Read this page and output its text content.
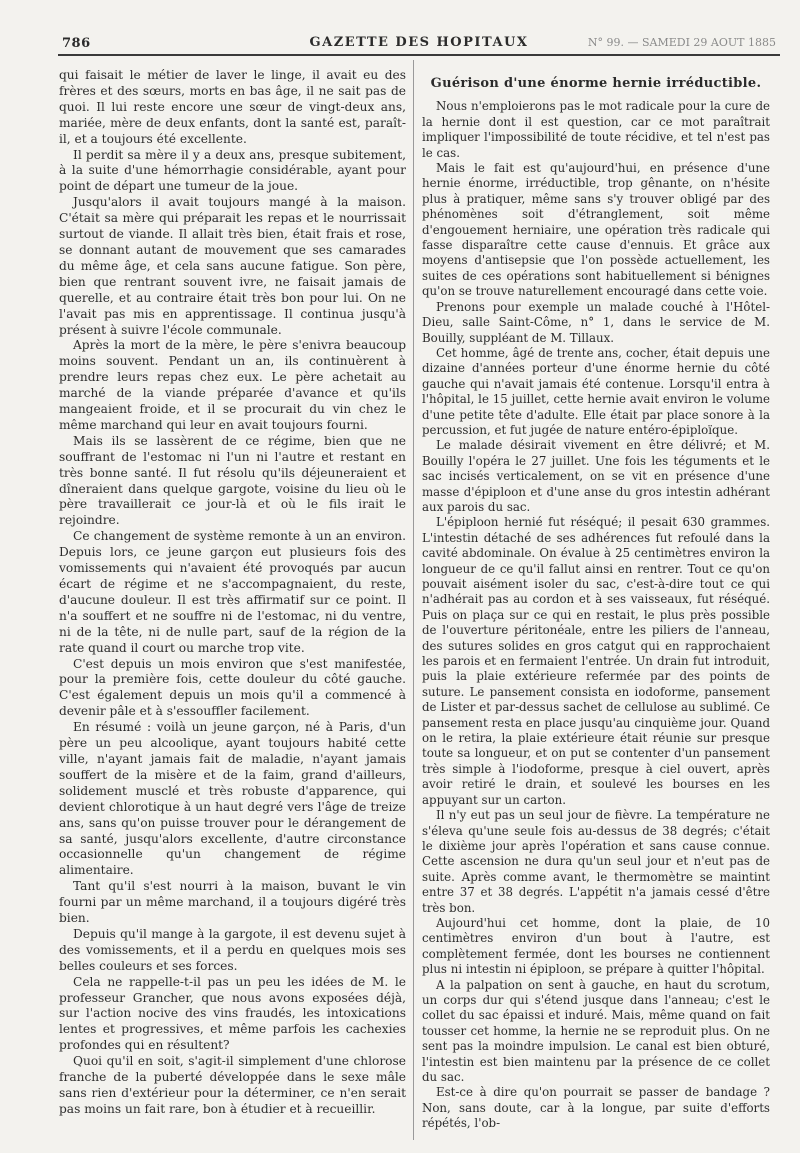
786	GAZETTE DES HOPITAUX	N° 99. — SAMEDI 29 AOUT 1885

qui faisait le métier de laver le linge, il avait eu des frères et des sœurs, morts en bas âge, il ne sait pas de quoi. Il lui reste encore une sœur de vingt-deux ans, mariée, mère de deux enfants, dont la santé est, paraît-il, et a toujours été excellente.

Il perdit sa mère il y a deux ans, presque subitement, à la suite d'une hémorrhagie considérable, ayant pour point de départ une tumeur de la joue.

Jusqu'alors il avait toujours mangé à la maison. C'était sa mère qui préparait les repas et le nourrissait surtout de viande. Il allait très bien, était frais et rose, se donnant autant de mouvement que ses camarades du même âge, et cela sans aucune fatigue. Son père, bien que rentrant souvent ivre, ne faisait jamais de querelle, et au contraire était très bon pour lui. On ne l'avait pas mis en apprentissage. Il continua jusqu'à présent à suivre l'école communale.

Après la mort de la mère, le père s'enivra beaucoup moins souvent. Pendant un an, ils continuèrent à prendre leurs repas chez eux. Le père achetait au marché de la viande préparée d'avance et qu'ils mangeaient froide, et il se procurait du vin chez le même marchand qui leur en avait toujours fourni.

Mais ils se lassèrent de ce régime, bien que ne souffrant de l'estomac ni l'un ni l'autre et restant en très bonne santé. Il fut résolu qu'ils déjeuneraient et dîneraient dans quelque gargote, voisine du lieu où le père travaillerait ce jour-là et où le fils irait le rejoindre.

Ce changement de système remonte à un an environ. Depuis lors, ce jeune garçon eut plusieurs fois des vomissements qui n'avaient été provoqués par aucun écart de régime et ne s'accompagnaient, du reste, d'aucune douleur. Il est très affirmatif sur ce point. Il n'a souffert et ne souffre ni de l'estomac, ni du ventre, ni de la tête, ni de nulle part, sauf de la région de la rate quand il court ou marche trop vite.

C'est depuis un mois environ que s'est manifestée, pour la première fois, cette douleur du côté gauche. C'est également depuis un mois qu'il a commencé à devenir pâle et à s'essouffler facilement.

En résumé : voilà un jeune garçon, né à Paris, d'un père un peu alcoolique, ayant toujours habité cette ville, n'ayant jamais fait de maladie, n'ayant jamais souffert de la misère et de la faim, grand d'ailleurs, solidement musclé et très robuste d'apparence, qui devient chlorotique à un haut degré vers l'âge de treize ans, sans qu'on puisse trouver pour le dérangement de sa santé, jusqu'alors excellente, d'autre circonstance occasionnelle qu'un changement de régime alimentaire.

Tant qu'il s'est nourri à la maison, buvant le vin fourni par un même marchand, il a toujours digéré très bien.

Depuis qu'il mange à la gargote, il est devenu sujet à des vomissements, et il a perdu en quelques mois ses belles couleurs et ses forces.

Cela ne rappelle-t-il pas un peu les idées de M. le professeur Grancher, que nous avons exposées déjà, sur l'action nocive des vins fraudés, les intoxications lentes et progressives, et même parfois les cachexies profondes qui en résultent?

Quoi qu'il en soit, s'agit-il simplement d'une chlorose franche de la puberté développée dans le sexe mâle sans rien d'extérieur pour la déterminer, ce n'en serait pas moins un fait rare, bon à étudier et à recueillir.

Guérison d'une énorme hernie irréductible.

Nous n'emploierons pas le mot radicale pour la cure de la hernie dont il est question, car ce mot paraîtrait impliquer l'impossibilité de toute récidive, et tel n'est pas le cas.

Mais le fait est qu'aujourd'hui, en présence d'une hernie énorme, irréductible, trop gênante, on n'hésite plus à pratiquer, même sans s'y trouver obligé par des phénomènes soit d'étranglement, soit même d'engouement herniaire, une opération très radicale qui fasse disparaître cette cause d'ennuis. Et grâce aux moyens d'antisepsie que l'on possède actuellement, les suites de ces opérations sont habituellement si bénignes qu'on se trouve naturellement encouragé dans cette voie.

Prenons pour exemple un malade couché à l'Hôtel-Dieu, salle Saint-Côme, n° 1, dans le service de M. Bouilly, suppléant de M. Tillaux.

Cet homme, âgé de trente ans, cocher, était depuis une dizaine d'années porteur d'une énorme hernie du côté gauche qui n'avait jamais été contenue. Lorsqu'il entra à l'hôpital, le 15 juillet, cette hernie avait environ le volume d'une petite tête d'adulte. Elle était par place sonore à la percussion, et fut jugée de nature entéro-épiploïque.

Le malade désirait vivement en être délivré; et M. Bouilly l'opéra le 27 juillet. Une fois les téguments et le sac incisés verticalement, on se vit en présence d'une masse d'épiploon et d'une anse du gros intestin adhérant aux parois du sac.

L'épiploon hernié fut réséqué; il pesait 630 grammes. L'intestin détaché de ses adhérences fut refoulé dans la cavité abdominale. On évalue à 25 centimètres environ la longueur de ce qu'il fallut ainsi en rentrer. Tout ce qu'on pouvait aisément isoler du sac, c'est-à-dire tout ce qui n'adhérait pas au cordon et à ses vaisseaux, fut réséqué. Puis on plaça sur ce qui en restait, le plus près possible de l'ouverture péritonéale, entre les piliers de l'anneau, des sutures solides en gros catgut qui en rapprochaient les parois et en fermaient l'entrée. Un drain fut introduit, puis la plaie extérieure refermée par des points de suture. Le pansement consista en iodoforme, pansement de Lister et par-dessus sachet de cellulose au sublimé. Ce pansement resta en place jusqu'au cinquième jour. Quand on le retira, la plaie extérieure était réunie sur presque toute sa longueur, et on put se contenter d'un pansement très simple à l'iodoforme, presque à ciel ouvert, après avoir retiré le drain, et soulevé les bourses en les appuyant sur un carton.

Il n'y eut pas un seul jour de fièvre. La température ne s'éleva qu'une seule fois au-dessus de 38 degrés; c'était le dixième jour après l'opération et sans cause connue. Cette ascension ne dura qu'un seul jour et n'eut pas de suite. Après comme avant, le thermomètre se maintint entre 37 et 38 degrés. L'appétit n'a jamais cessé d'être très bon.

Aujourd'hui cet homme, dont la plaie, de 10 centimètres environ d'un bout à l'autre, est complètement fermée, dont les bourses ne contiennent plus ni intestin ni épiploon, se prépare à quitter l'hôpital.

A la palpation on sent à gauche, en haut du scrotum, un corps dur qui s'étend jusque dans l'anneau; c'est le collet du sac épaissi et induré. Mais, même quand on fait tousser cet homme, la hernie ne se reproduit plus. On ne sent pas la moindre impulsion. Le canal est bien obturé, l'intestin est bien maintenu par la présence de ce collet du sac.

Est-ce à dire qu'on pourrait se passer de bandage ? Non, sans doute, car à la longue, par suite d'efforts répétés, l'ob-
